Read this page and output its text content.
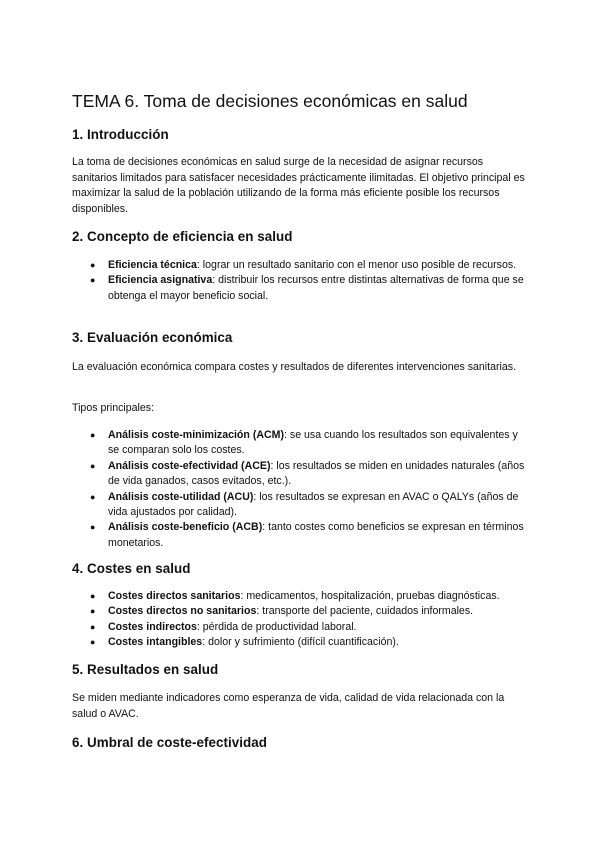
TEMA 6. Toma de decisiones económicas en salud
1. Introducción

La toma de decisiones económicas en salud surge de la necesidad de asignar recursos sanitarios limitados para satisfacer necesidades prácticamente ilimitadas. El objetivo principal es maximizar la salud de la población utilizando de la forma más eficiente posible los recursos disponibles.

2. Concepto de eficiencia en salud
● Eficiencia técnica: lograr un resultado sanitario con el menor uso posible de recursos.
● Eficiencia asignativa: distribuir los recursos entre distintas alternativas de forma que se obtenga el mayor beneficio social.
3. Evaluación económica

La evaluación económica compara costes y resultados de diferentes intervenciones sanitarias.

Tipos principales:

● Análisis coste-minimización (ACM): se usa cuando los resultados son equivalentes y se comparan solo los costes.
● Análisis coste-efectividad (ACE): los resultados se miden en unidades naturales (años de vida ganados, casos evitados, etc.).
● Análisis coste-utilidad (ACU): los resultados se expresan en AVAC o QALYs (años de vida ajustados por calidad).
● Análisis coste-beneficio (ACB): tanto costes como beneficios se expresan en términos monetarios.
4. Costes en salud
● Costes directos sanitarios: medicamentos, hospitalización, pruebas diagnósticas.
● Costes directos no sanitarios: transporte del paciente, cuidados informales.
● Costes indirectos: pérdida de productividad laboral.
● Costes intangibles: dolor y sufrimiento (difícil cuantificación).
5. Resultados en salud

Se miden mediante indicadores como esperanza de vida, calidad de vida relacionada con la salud o AVAC.

6. Umbral de coste-efectividad
